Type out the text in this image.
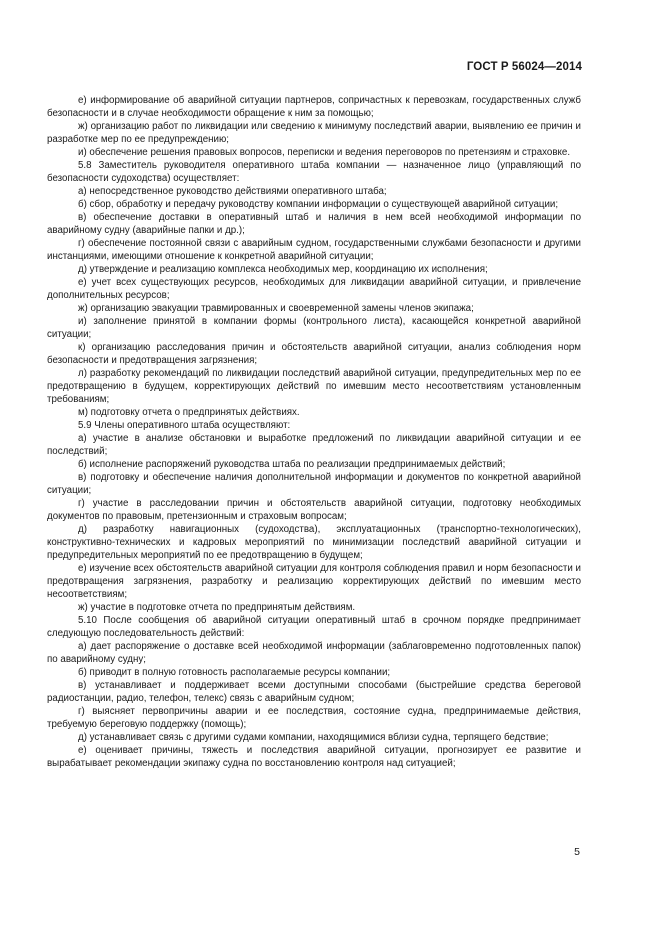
ГОСТ Р 56024—2014

е) информирование об аварийной ситуации партнеров, сопричастных к перевозкам, государственных служб безопасности и в случае необходимости обращение к ним за помощью;

ж) организацию работ по ликвидации или сведению к минимуму последствий аварии, выявлению ее причин и разработке мер по ее предупреждению;

и) обеспечение решения правовых вопросов, переписки и ведения переговоров по претензиям и страховке.

5.8 Заместитель руководителя оперативного штаба компании — назначенное лицо (управляющий по безопасности судоходства) осуществляет:

а) непосредственное руководство действиями оперативного штаба;

б) сбор, обработку и передачу руководству компании информации о существующей аварийной ситуации;

в) обеспечение доставки в оперативный штаб и наличия в нем всей необходимой информации по аварийному судну (аварийные папки и др.);

г) обеспечение постоянной связи с аварийным судном, государственными службами безопасности и другими инстанциями, имеющими отношение к конкретной аварийной ситуации;

д) утверждение и реализацию комплекса необходимых мер, координацию их исполнения;

е) учет всех существующих ресурсов, необходимых для ликвидации аварийной ситуации, и привлечение дополнительных ресурсов;

ж) организацию эвакуации травмированных и своевременной замены членов экипажа;

и) заполнение принятой в компании формы (контрольного листа), касающейся конкретной аварийной ситуации;

к) организацию расследования причин и обстоятельств аварийной ситуации, анализ соблюдения норм безопасности и предотвращения загрязнения;

л) разработку рекомендаций по ликвидации последствий аварийной ситуации, предупредительных мер по ее предотвращению в будущем, корректирующих действий по имевшим место несоответствиям установленным требованиям;

м) подготовку отчета о предпринятых действиях.

5.9 Члены оперативного штаба осуществляют:

а) участие в анализе обстановки и выработке предложений по ликвидации аварийной ситуации и ее последствий;

б) исполнение распоряжений руководства штаба по реализации предпринимаемых действий;

в) подготовку и обеспечение наличия дополнительной информации и документов по конкретной аварийной ситуации;

г) участие в расследовании причин и обстоятельств аварийной ситуации, подготовку необходимых документов по правовым, претензионным и страховым вопросам;

д) разработку навигационных (судоходства), эксплуатационных (транспортно-технологических), конструктивно-технических и кадровых мероприятий по минимизации последствий аварийной ситуации и предупредительных мероприятий по ее предотвращению в будущем;

е) изучение всех обстоятельств аварийной ситуации для контроля соблюдения правил и норм безопасности и предотвращения загрязнения, разработку и реализацию корректирующих действий по имевшим место несоответствиям;

ж) участие в подготовке отчета по предпринятым действиям.

5.10 После сообщения об аварийной ситуации оперативный штаб в срочном порядке предпринимает следующую последовательность действий:

а) дает распоряжение о доставке всей необходимой информации (заблаговременно подготовленных папок) по аварийному судну;

б) приводит в полную готовность располагаемые ресурсы компании;

в) устанавливает и поддерживает всеми доступными способами (быстрейшие средства береговой радиостанции, радио, телефон, телекс) связь с аварийным судном;

г) выясняет первопричины аварии и ее последствия, состояние судна, предпринимаемые действия, требуемую береговую поддержку (помощь);

д) устанавливает связь с другими судами компании, находящимися вблизи судна, терпящего бедствие;

е) оценивает причины, тяжесть и последствия аварийной ситуации, прогнозирует ее развитие и вырабатывает рекомендации экипажу судна по восстановлению контроля над ситуацией;

5
